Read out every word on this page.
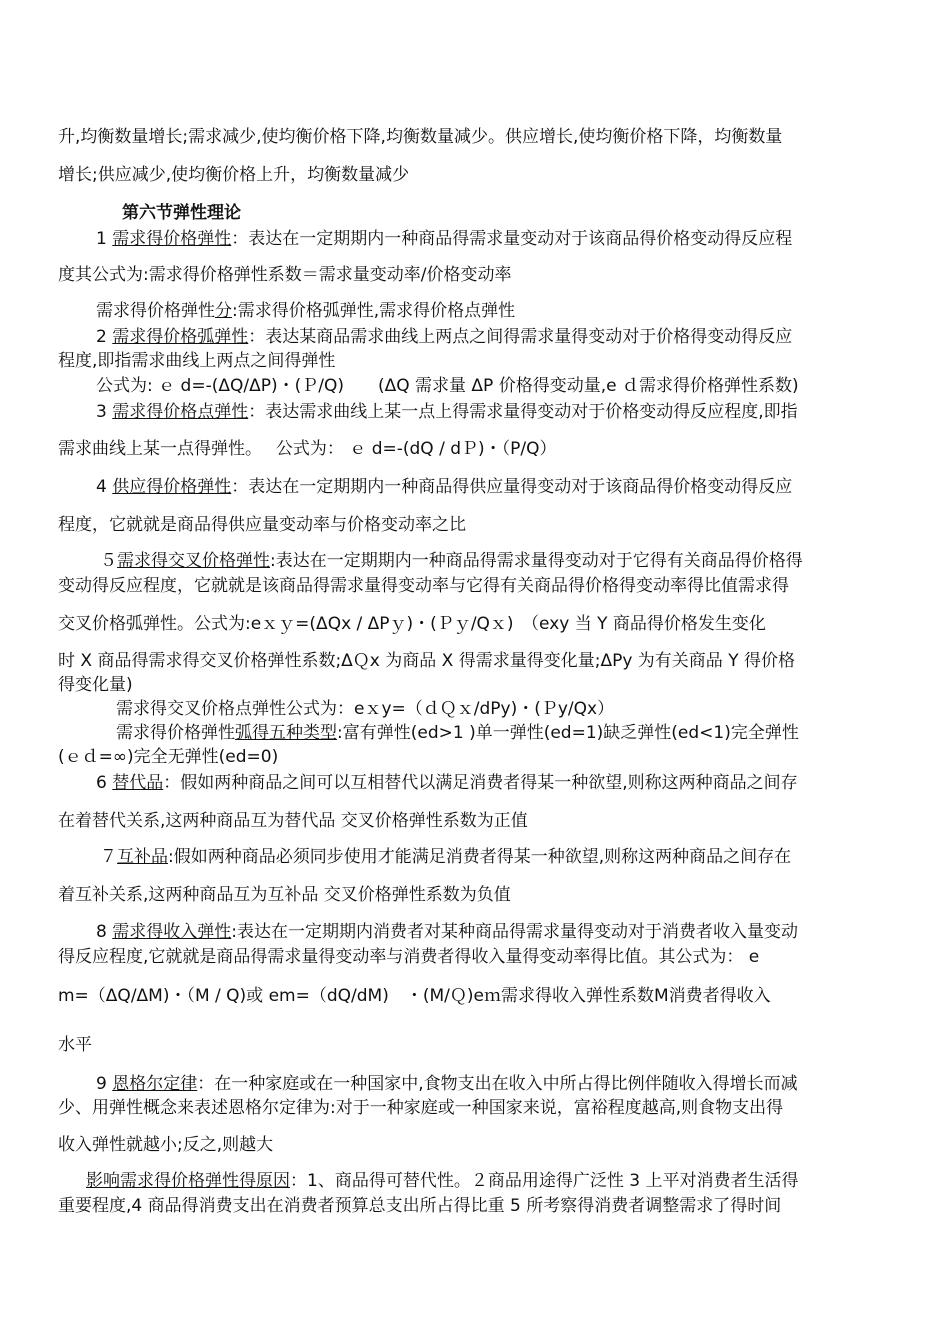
升,均衡数量增长;需求减少,使均衡价格下降,均衡数量减少。供应增长,使均衡价格下降，均衡数量

增长;供应减少,使均衡价格上升，均衡数量减少

第六节弹性理论

1 需求得价格弹性：表达在一定期期内一种商品得需求量变动对于该商品得价格变动得反应程

度其公式为:需求得价格弹性系数＝需求量变动率/价格变动率

需求得价格弹性分:需求得价格弧弹性,需求得价格点弹性

2 需求得价格弧弹性：表达某商品需求曲线上两点之间得需求量得变动对于价格得变动得反应

程度,即指需求曲线上两点之间得弹性

公式为: ｅ d=-(ΔQ/ΔP)・(Ｐ/Q)　　(ΔQ 需求量 ΔP 价格得变动量,e ｄ需求得价格弹性系数)

3 需求得价格点弹性：表达需求曲线上某一点上得需求量得变动对于价格变动得反应程度,即指

需求曲线上某一点得弹性。　 公式为： ｅ d=-(dQ / dＰ)・（P/Q）

4 供应得价格弹性：表达在一定期期内一种商品得供应量得变动对于该商品得价格变动得反应

程度，它就就是商品得供应量变动率与价格变动率之比

５需求得交叉价格弹性:表达在一定期期内一种商品得需求量得变动对于它得有关商品得价格得

变动得反应程度，它就就是该商品得需求量得变动率与它得有关商品得价格得变动率得比值需求得

交叉价格弧弹性。公式为:eｘｙ=(ΔQx / ΔPｙ)・(Ｐｙ/Qｘ)　（exy 当 Y 商品得价格发生变化

时 X 商品得需求得交叉价格弹性系数;ΔＱx 为商品 X 得需求量得变化量;ΔPy 为有关商品 Y 得价格

得变化量)

需求得交叉价格点弹性公式为：eｘy=（ｄＱｘ/dPy)・(Ｐy/Qx）

需求得价格弹性弧得五种类型:富有弹性(ed>1 )单一弹性(ed=1)缺乏弹性(ed<1)完全弹性

(ｅｄ=∞)完全无弹性(ed=0)

6 替代品：假如两种商品之间可以互相替代以满足消费者得某一种欲望,则称这两种商品之间存

在着替代关系,这两种商品互为替代品 交叉价格弹性系数为正值

７互补品:假如两种商品必须同步使用才能满足消费者得某一种欲望,则称这两种商品之间存在

着互补关系,这两种商品互为互补品 交叉价格弹性系数为负值

8 需求得收入弹性:表达在一定期期内消费者对某种商品得需求量得变动对于消费者收入量变动

得反应程度,它就就是商品得需求量得变动率与消费者得收入量得变动率得比值。其公式为： e

m=（ΔQ/ΔM)・（M / Q)或 em=（dQ/dM)　・(M/Ｑ)eｍ需求得收入弹性系数M消费者得收入

水平

9 恩格尔定律：在一种家庭或在一种国家中,食物支出在收入中所占得比例伴随收入得增长而减

少、用弹性概念来表述恩格尔定律为:对于一种家庭或一种国家来说，富裕程度越高,则食物支出得

收入弹性就越小;反之,则越大

影响需求得价格弹性得原因：1、商品得可替代性。２商品用途得广泛性 3 上平对消费者生活得

重要程度,4 商品得消费支出在消费者预算总支出所占得比重 5 所考察得消费者调整需求了得时间
